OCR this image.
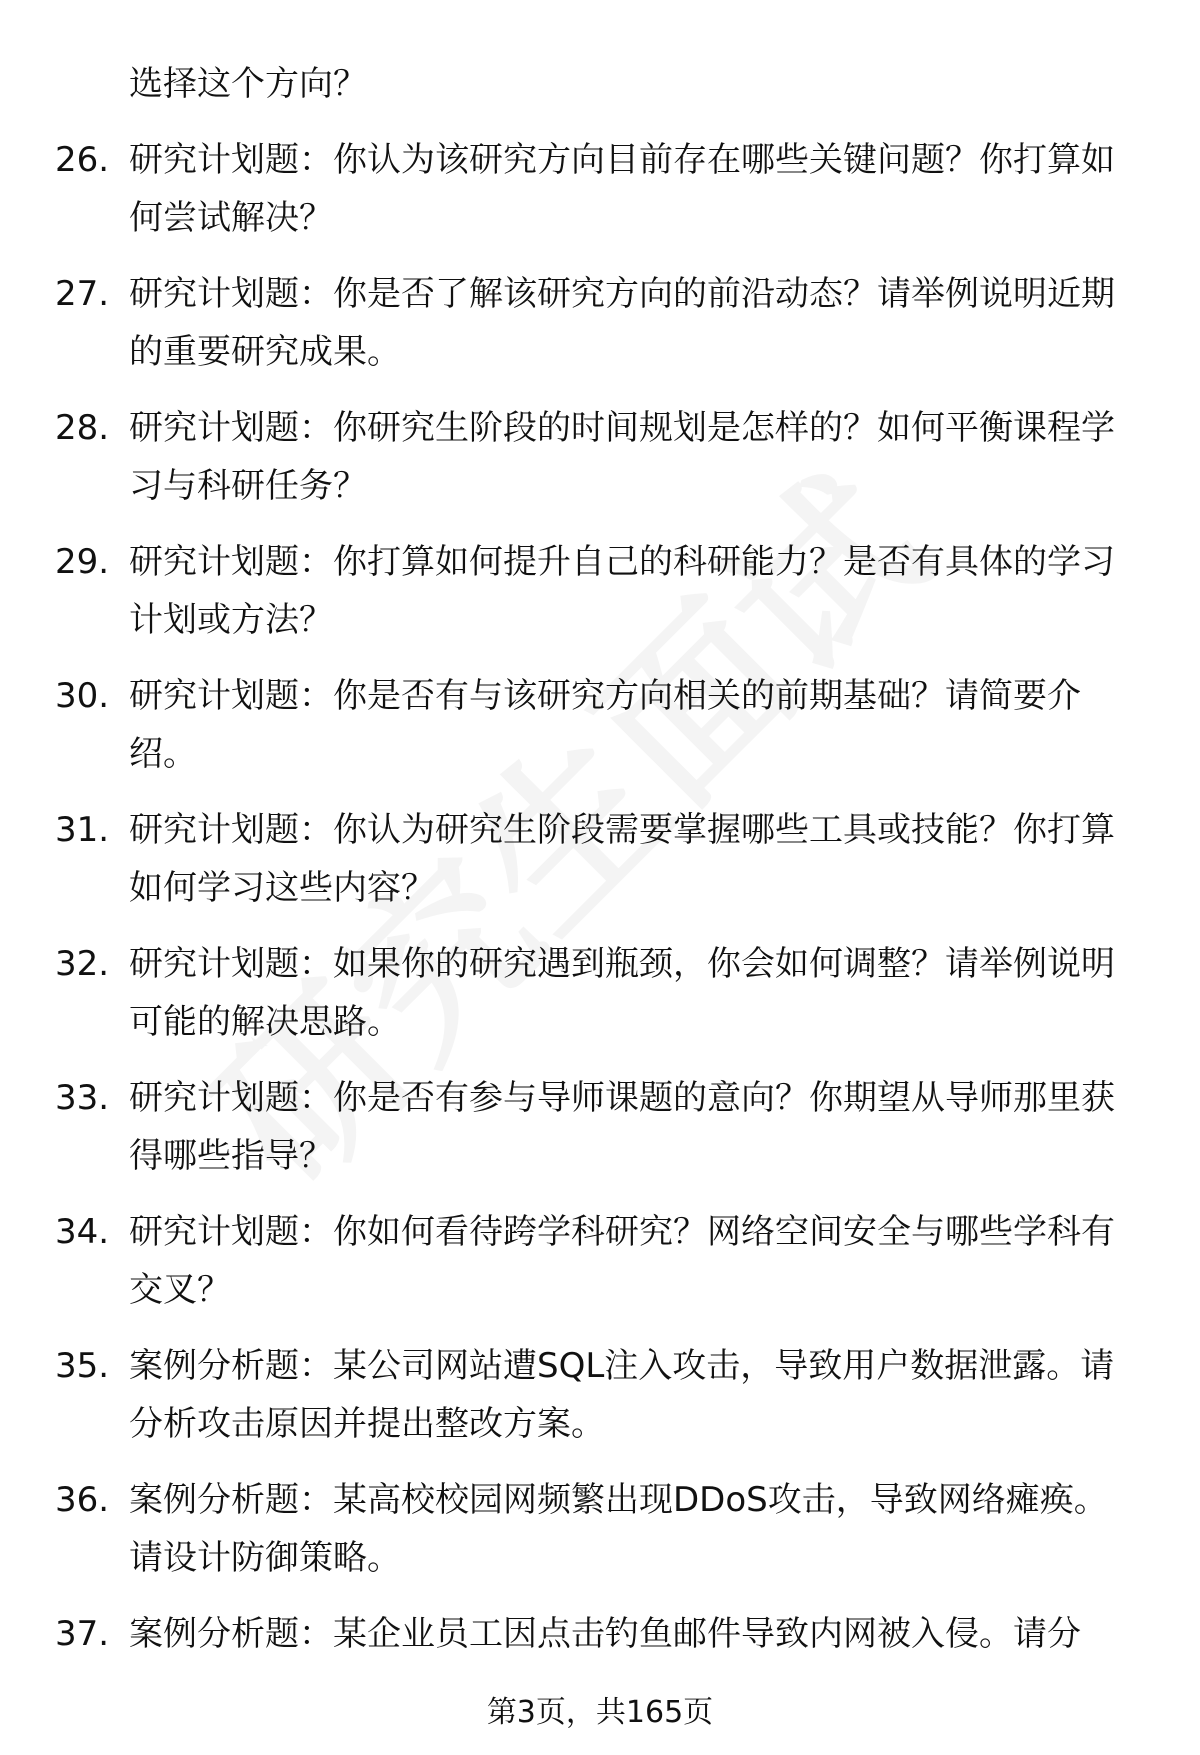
选择这个方向？

26. 研究计划题：你认为该研究方向目前存在哪些关键问题？你打算如何尝试解决？

27. 研究计划题：你是否了解该研究方向的前沿动态？请举例说明近期的重要研究成果。

28. 研究计划题：你研究生阶段的时间规划是怎样的？如何平衡课程学习与科研任务？

29. 研究计划题：你打算如何提升自己的科研能力？是否有具体的学习计划或方法？

30. 研究计划题：你是否有与该研究方向相关的前期基础？请简要介绍。

31. 研究计划题：你认为研究生阶段需要掌握哪些工具或技能？你打算如何学习这些内容？

32. 研究计划题：如果你的研究遇到瓶颈，你会如何调整？请举例说明可能的解决思路。

33. 研究计划题：你是否有参与导师课题的意向？你期望从导师那里获得哪些指导？

34. 研究计划题：你如何看待跨学科研究？网络空间安全与哪些学科有交叉？

35. 案例分析题：某公司网站遭SQL注入攻击，导致用户数据泄露。请分析攻击原因并提出整改方案。

36. 案例分析题：某高校校园网频繁出现DDoS攻击，导致网络瘫痪。请设计防御策略。

37. 案例分析题：某企业员工因点击钓鱼邮件导致内网被入侵。请分

第3页，共165页
